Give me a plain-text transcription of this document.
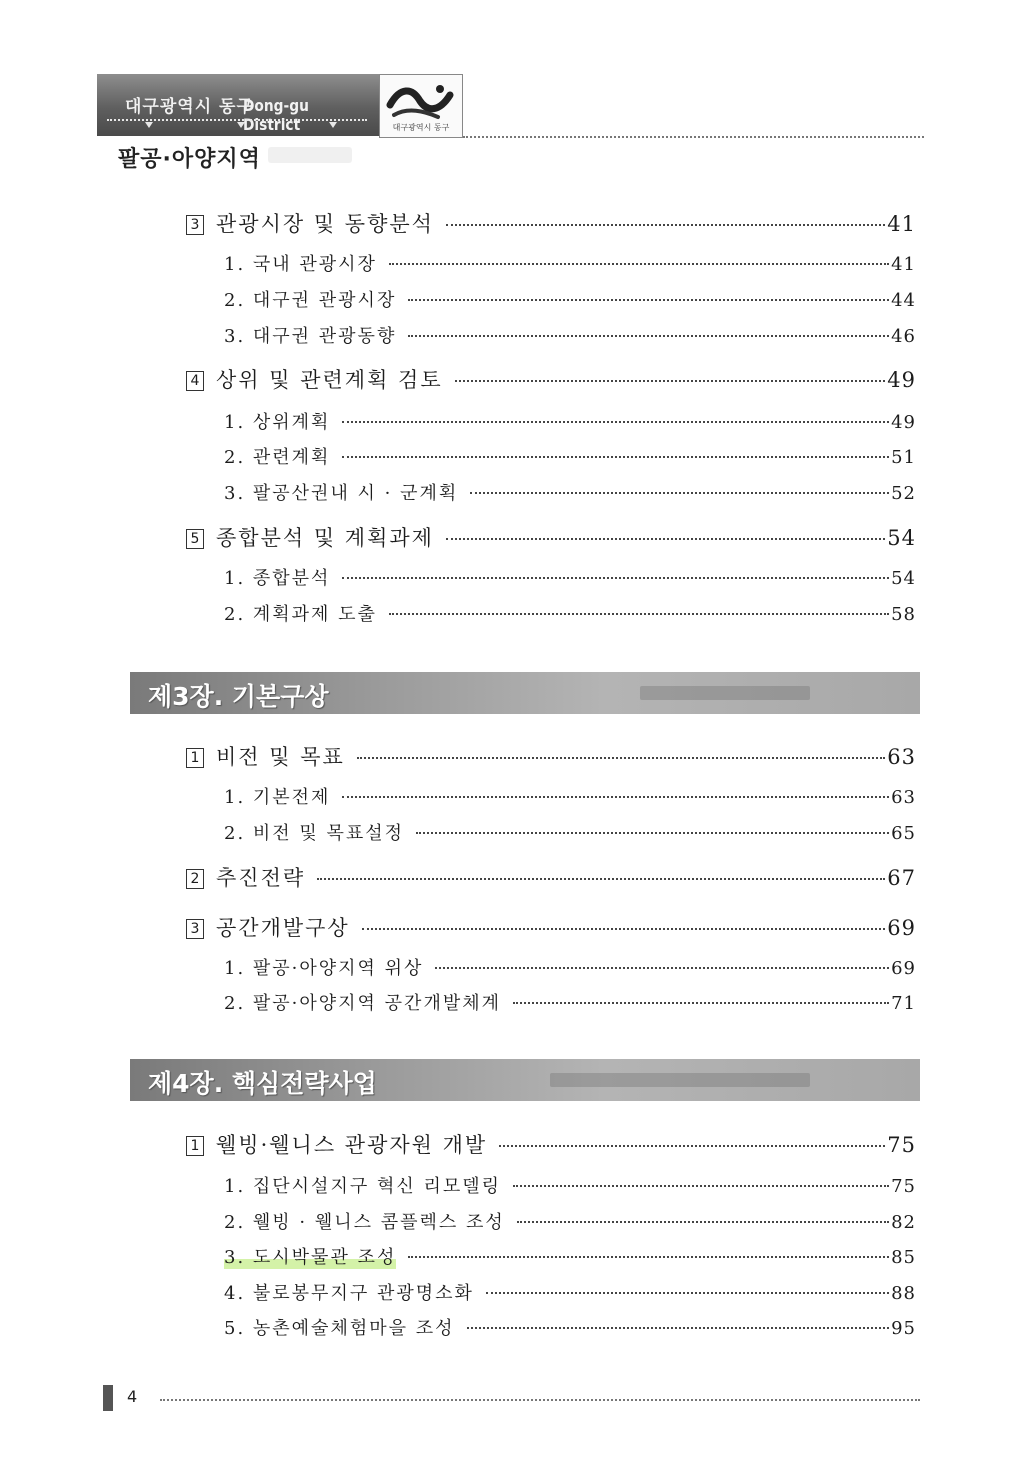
대구광역시 동구
Dong-gu District	대구광역시 동구
팔공·아양지역
3 관광시장 및 동향분석	41
1. 국내 관광시장	41
2. 대구권 관광시장	44
3. 대구권 관광동향	46
4 상위 및 관련계획 검토	49
1. 상위계획	49
2. 관련계획	51
3. 팔공산권내 시 · 군계획	52
5 종합분석 및 계획과제	54
1. 종합분석	54
2. 계획과제 도출	58
제3장. 기본구상
1 비전 및 목표	63
1. 기본전제	63
2. 비전 및 목표설정	65
2 추진전략	67
3 공간개발구상	69
1. 팔공·아양지역 위상	69
2. 팔공·아양지역 공간개발체계	71
제4장. 핵심전략사업
1 웰빙·웰니스 관광자원 개발	75
1. 집단시설지구 혁신 리모델링	75
2. 웰빙 · 웰니스 콤플렉스 조성	82
3. 도시박물관 조성	85
4. 불로봉무지구 관광명소화	88
5. 농촌예술체험마을 조성	95
4
